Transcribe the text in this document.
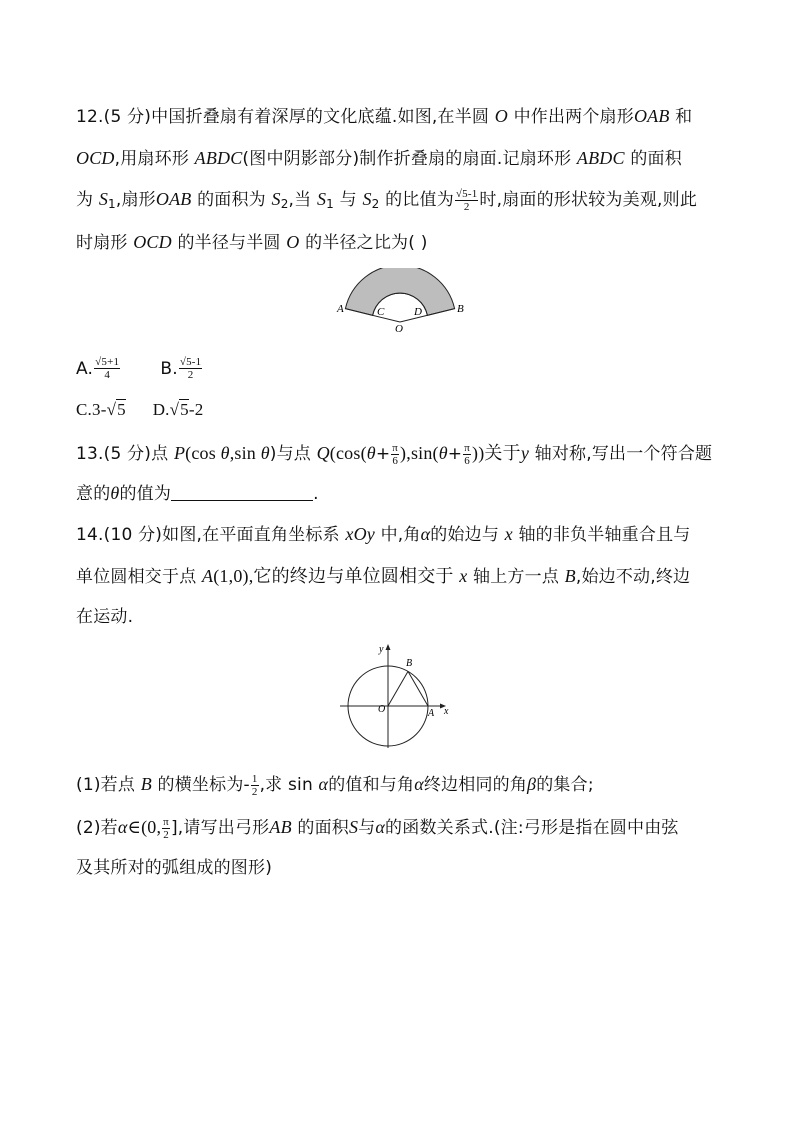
12.(5 分)中国折叠扇有着深厚的文化底蕴.如图,在半圆 O 中作出两个扇形OAB 和
OCD,用扇环形 ABDC(图中阴影部分)制作折叠扇的扇面.记扇环形 ABDC 的面积
为 $S_1$,扇形OAB 的面积为 $S_2$,当 $S_1$ 与 $S_2$ 的比值为 $\frac{√5-1}{2}$ 时,扇面的形状较为美观,则此
时扇形 OCD 的半径与半圆 O 的半径之比为( )
A	B
C	D
O
A. $\frac{√5+1}{4} B$. $\frac{√5-1}{2}$
C.3-√5 D.√5-2
13.(5 分)点 P(cos θ,sin θ)与点 $Q(\cos(\theta+ \frac{\pi}{6} ),\sin(\theta+ \frac{\pi}{6}$ ))关于y 轴对称,写出一个符合题
意的θ的值为	.
14.(10 分)如图,在平面直角坐标系 xOy 中,角α的始边与 x 轴的非负半轴重合且与
单位圆相交于点 A(1,0),它的终边与单位圆相交于 x 轴上方一点 B,始边不动,终边
在运动.
y
B
O	A x
(1)若点 B 的横坐标为- $\frac{1}{2}$ ,求 sin α的值和与角α终边相同的角β的集合;
(2)若α∈(0, $\frac{\pi}{2}$ ],请写出弓形AB 的面积S与α的函数关系式.(注:弓形是指在圆中由弦
及其所对的弧组成的图形)
